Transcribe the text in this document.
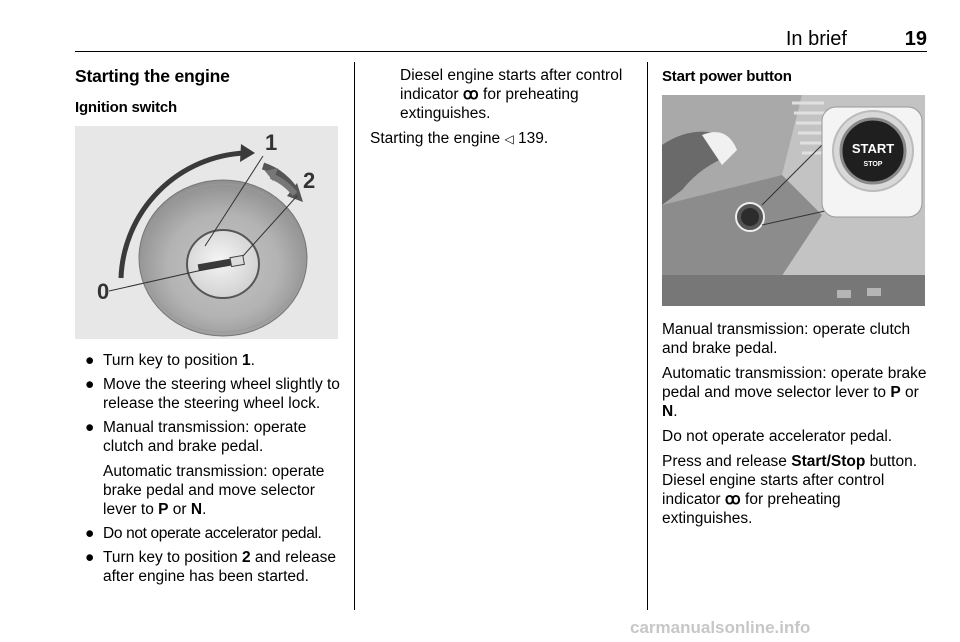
In brief	19
Starting the engine
Ignition switch
1
2
0
● Turn key to position 1.
● Move the steering wheel slightly to release the steering wheel lock.
● Manual transmission: operate clutch and brake pedal.

Automatic transmission: operate brake pedal and move selector lever to P or N.

● Do not operate accelerator pedal.
● Turn key to position 2 and release after engine has been started.

Diesel engine starts after control indicator ꝏ for preheating extinguishes.

Starting the engine ◁ 139.

Start power button
START
STOP

Manual transmission: operate clutch and brake pedal.

Automatic transmission: operate brake pedal and move selector lever to P or N.

Do not operate accelerator pedal.

Press and release Start/Stop button.

Diesel engine starts after control indicator ꝏ for preheating extinguishes.

carmanualsonline.info
